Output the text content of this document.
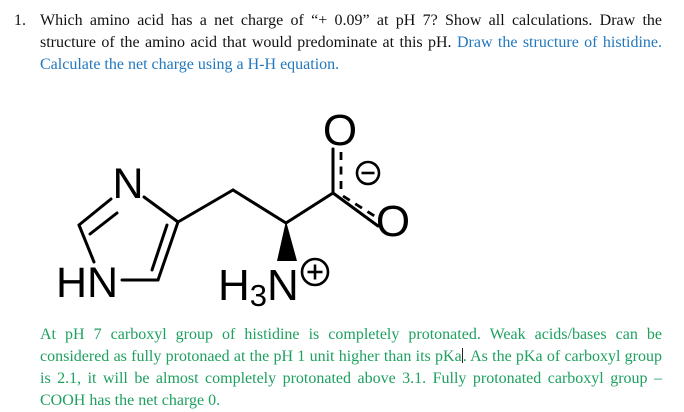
1. Which amino acid has a net charge of “+ 0.09” at pH 7? Show all calculations. Draw the structure of the amino acid that would predominate at this pH. Draw the structure of histidine. Calculate the net charge using a H-H equation.

N
HN H3N
O
O

At pH 7 carboxyl group of histidine is completely protonated. Weak acids/bases can be considered as fully protonaed at the pH 1 unit higher than its pKa. As the pKa of carboxyl group is 2.1, it will be almost completely protonated above 3.1. Fully protonated carboxyl group –COOH has the net charge 0.
